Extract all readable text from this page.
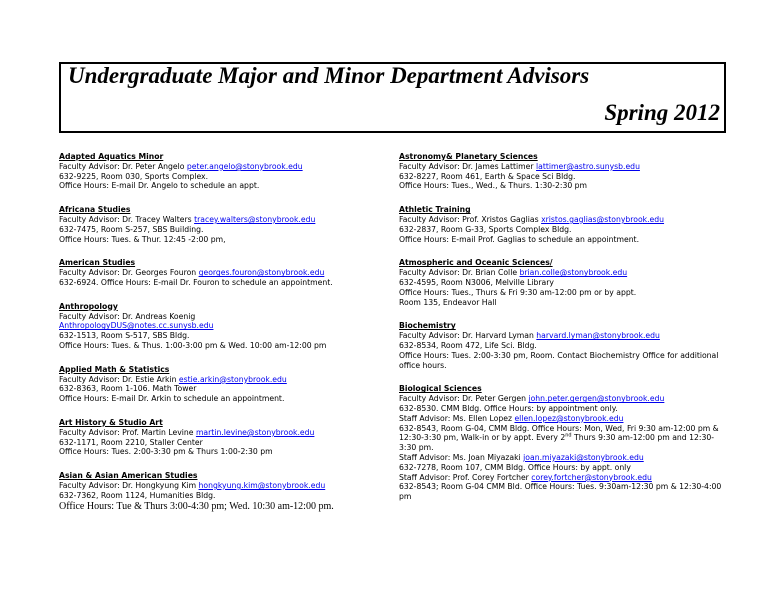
Undergraduate Major and Minor Department Advisors
Spring 2012
Adapted Aquatics Minor
Faculty Advisor: Dr. Peter Angelo peter.angelo@stonybrook.edu
632-9225, Room 030, Sports Complex.
Office Hours: E-mail Dr. Angelo to schedule an appt.
Africana Studies
Faculty Advisor: Dr. Tracey Walters tracey.walters@stonybrook.edu
632-7475, Room S-257, SBS Building.
Office Hours: Tues. & Thur. 12:45 -2:00 pm,
American Studies
Faculty Advisor: Dr. Georges Fouron georges.fouron@stonybrook.edu
632-6924. Office Hours: E-mail Dr. Fouron to schedule an appointment.
Anthropology
Faculty Advisor: Dr. Andreas Koenig
AnthropologyDUS@notes.cc.sunysb.edu
632-1513, Room S-517, SBS Bldg.
Office Hours: Tues. & Thus. 1:00-3:00 pm & Wed. 10:00 am-12:00 pm
Applied Math & Statistics
Faculty Advisor: Dr. Estie Arkin estie.arkin@stonybrook.edu
632-8363, Room 1-106. Math Tower
Office Hours: E-mail Dr. Arkin to schedule an appointment.
Art History & Studio Art
Faculty Advisor: Prof. Martin Levine martin.levine@stonybrook.edu
632-1171, Room 2210, Staller Center
Office Hours: Tues. 2:00-3:30 pm & Thurs 1:00-2:30 pm
Asian & Asian American Studies
Faculty Advisor: Dr. Hongkyung Kim hongkyung.kim@stonybrook.edu
632-7362, Room 1124, Humanities Bldg.
Office Hours: Tue & Thurs 3:00-4:30 pm; Wed. 10:30 am-12:00 pm.
Astronomy& Planetary Sciences
Faculty Advisor: Dr. James Lattimer lattimer@astro.sunysb.edu
632-8227, Room 461, Earth & Space Sci Bldg.
Office Hours: Tues., Wed., & Thurs. 1:30-2:30 pm
Athletic Training
Faculty Advisor: Prof. Xristos Gaglias xristos.gaglias@stonybrook.edu
632-2837, Room G-33, Sports Complex Bldg.
Office Hours: E-mail Prof. Gaglias to schedule an appointment.
Atmospheric and Oceanic Sciences/
Faculty Advisor: Dr. Brian Colle brian.colle@stonybrook.edu
632-4595, Room N3006, Melville Library
Office Hours: Tues., Thurs & Fri 9:30 am-12:00 pm or by appt.
Room 135, Endeavor Hall
Biochemistry
Faculty Advisor: Dr. Harvard Lyman harvard.lyman@stonybrook.edu
632-8534, Room 472, Life Sci. Bldg.
Office Hours: Tues. 2:00-3:30 pm, Room. Contact Biochemistry Office for additional office hours.
Biological Sciences
Faculty Advisor: Dr. Peter Gergen john.peter.gergen@stonybrook.edu
632-8530. CMM Bldg. Office Hours: by appointment only.
Staff Advisor: Ms. Ellen Lopez ellen.lopez@stonybrook.edu
632-8543, Room G-04, CMM Bldg. Office Hours: Mon, Wed, Fri 9:30 am-12:00 pm & 12:30-3:30 pm, Walk-in or by appt. Every 2nd Thurs 9:30 am-12:00 pm and 12:30-3:30 pm.
Staff Advisor: Ms. Joan Miyazaki joan.miyazaki@stonybrook.edu
632-7278, Room 107, CMM Bldg. Office Hours: by appt. only
Staff Advisor: Prof. Corey Fortcher corey.fortcher@stonybrook.edu
632-8543; Room G-04 CMM Bld. Office Hours: Tues. 9:30am-12:30 pm & 12:30-4:00 pm
